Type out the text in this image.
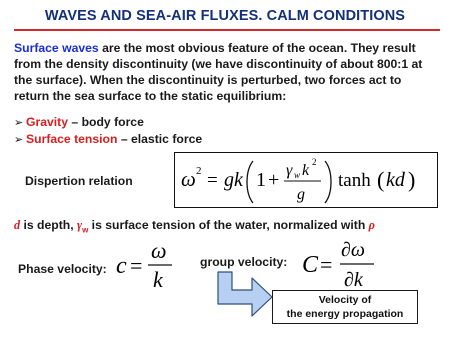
WAVES AND SEA-AIR FLUXES. CALM CONDITIONS
Surface waves are the most obvious feature of the ocean. They result
from the density discontinuity (we have discontinuity of about 800:1 at
the surface). When the discontinuity is perturbed, two forces act to
return the sea surface to the static equilibrium:
➢ Gravity – body force
➢ Surface tension – elastic force
Dispertion relation ω 2 = gk 1 + γ w k 2
g
tanh ( kd )
d is depth, $\gamma_w$ is surface tension of the water, normalized with ρ
Phase velocity: c =
ω
k
group velocity: C =
∂ω
∂k
Velocity of
the energy propagation
